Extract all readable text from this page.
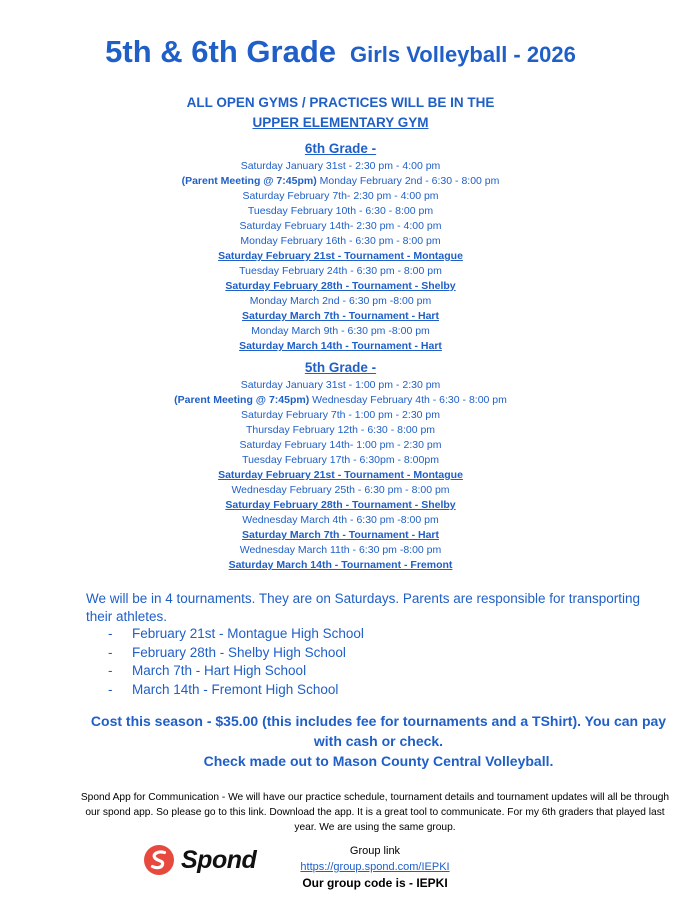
5th & 6th Grade Girls Volleyball - 2026
ALL OPEN GYMS / PRACTICES WILL BE IN THE
UPPER ELEMENTARY GYM
6th Grade -
Saturday January 31st - 2:30 pm - 4:00 pm
(Parent Meeting @ 7:45pm) Monday February 2nd - 6:30 - 8:00 pm
Saturday February 7th- 2:30 pm - 4:00 pm
Tuesday February 10th - 6:30 - 8:00 pm
Saturday February 14th- 2:30 pm - 4:00 pm
Monday February 16th - 6:30 pm - 8:00 pm
Saturday February 21st - Tournament - Montague
Tuesday February 24th - 6:30 pm - 8:00 pm
Saturday February 28th - Tournament - Shelby
Monday March 2nd - 6:30 pm -8:00 pm
Saturday March 7th - Tournament - Hart
Monday March 9th - 6:30 pm -8:00 pm
Saturday March 14th - Tournament - Hart
5th Grade -
Saturday January 31st - 1:00 pm - 2:30 pm
(Parent Meeting @ 7:45pm) Wednesday February 4th - 6:30 - 8:00 pm
Saturday February 7th - 1:00 pm - 2:30 pm
Thursday February 12th - 6:30 - 8:00 pm
Saturday February 14th- 1:00 pm - 2:30 pm
Tuesday February 17th - 6:30pm - 8:00pm
Saturday February 21st - Tournament - Montague
Wednesday February 25th - 6:30 pm - 8:00 pm
Saturday February 28th - Tournament - Shelby
Wednesday March 4th - 6:30 pm -8:00 pm
Saturday March 7th - Tournament - Hart
Wednesday March 11th - 6:30 pm -8:00 pm
Saturday March 14th - Tournament - Fremont
We will be in 4 tournaments. They are on Saturdays. Parents are responsible for transporting their athletes.
- February 21st - Montague High School
- February 28th - Shelby High School
- March 7th - Hart High School
- March 14th - Fremont High School
Cost this season - $35.00 (this includes fee for tournaments and a TShirt). You can pay with cash or check.
Check made out to Mason County Central Volleyball.
Spond App for Communication - We will have our practice schedule, tournament details and tournament updates will all be through our spond app. So please go to this link. Download the app. It is a great tool to communicate. For my 6th graders that played last year. We are using the same group.
Spond	Group link
https://group.spond.com/IEPKI
Our group code is - IEPKI
